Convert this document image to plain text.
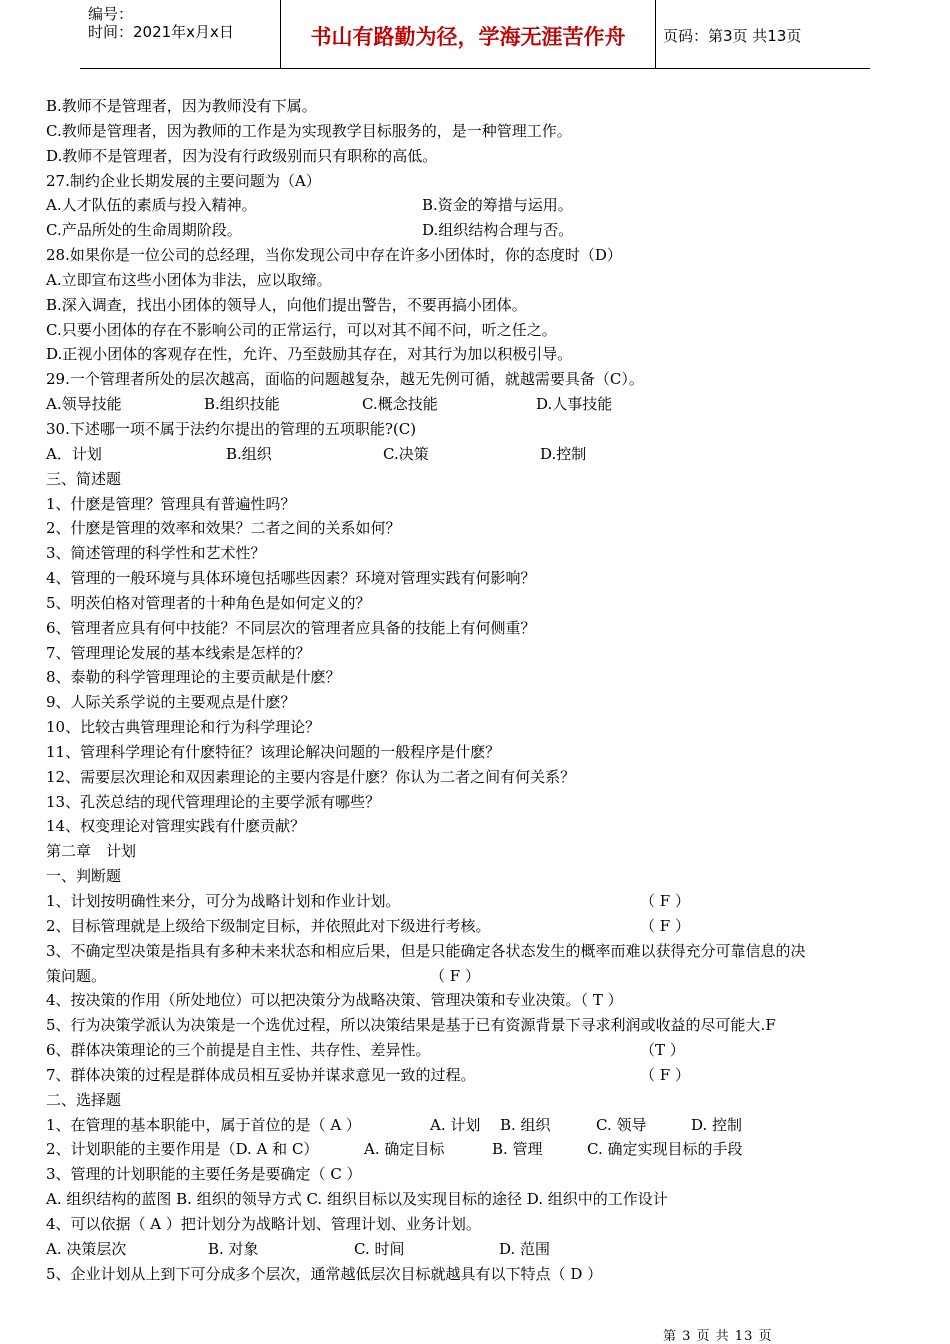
编号：
时间：2021年x月x日	书山有路勤为径，学海无涯苦作舟	页码：第3页 共13页
B.教师不是管理者，因为教师没有下属。
C.教师是管理者，因为教师的工作是为实现教学目标服务的，是一种管理工作。
D.教师不是管理者，因为没有行政级别而只有职称的高低。
27.制约企业长期发展的主要问题为（A）
A.人才队伍的素质与投入精神。	B.资金的筹措与运用。
C.产品所处的生命周期阶段。	D.组织结构合理与否。
28.如果你是一位公司的总经理，当你发现公司中存在许多小团体时，你的态度时（D）
A.立即宣布这些小团体为非法，应以取缔。
B.深入调查，找出小团体的领导人，向他们提出警告，不要再搞小团体。
C.只要小团体的存在不影响公司的正常运行，可以对其不闻不问，听之任之。
D.正视小团体的客观存在性，允许、乃至鼓励其存在，对其行为加以积极引导。
29.一个管理者所处的层次越高，面临的问题越复杂，越无先例可循，就越需要具备（C）。
A.领导技能	B.组织技能	C.概念技能	D.人事技能
30.下述哪一项不属于法约尔提出的管理的五项职能?(C)
A．计划	B.组织	C.决策	D.控制
三、简述题
1、什麽是管理？管理具有普遍性吗？
2、什麽是管理的效率和效果？二者之间的关系如何？
3、简述管理的科学性和艺术性？
4、管理的一般环境与具体环境包括哪些因素？环境对管理实践有何影响？
5、明茨伯格对管理者的十种角色是如何定义的？
6、管理者应具有何中技能？不同层次的管理者应具备的技能上有何侧重？
7、管理理论发展的基本线索是怎样的？
8、泰勒的科学管理理论的主要贡献是什麽？
9、人际关系学说的主要观点是什麽？
10、比较古典管理理论和行为科学理论？
11、管理科学理论有什麽特征？该理论解决问题的一般程序是什麽？
12、需要层次理论和双因素理论的主要内容是什麽？你认为二者之间有何关系？
13、孔茨总结的现代管理理论的主要学派有哪些？
14、权变理论对管理实践有什麽贡献？
第二章　计划
一、判断题
1、计划按明确性来分，可分为战略计划和作业计划。	（ F ）
2、目标管理就是上级给下级制定目标，并依照此对下级进行考核。	（ F ）
3、不确定型决策是指具有多种未来状态和相应后果，但是只能确定各状态发生的概率而难以获得充分可靠信息的决
策问题。	（ F ）
4、按决策的作用（所处地位）可以把决策分为战略决策、管理决策和专业决策。（ T ）
5、行为决策学派认为决策是一个选优过程，所以决策结果是基于已有资源背景下寻求利润或收益的尽可能大.F
6、群体决策理论的三个前提是自主性、共存性、差异性。	（T ）
7、群体决策的过程是群体成员相互妥协并谋求意见一致的过程。	（ F ）
二、选择题
1、在管理的基本职能中，属于首位的是（ A ）	A. 计划 B. 组织	C. 领导	D. 控制
2、计划职能的主要作用是（D. A 和 C）	A. 确定目标	B. 管理	C. 确定实现目标的手段
3、管理的计划职能的主要任务是要确定（ C ）
A. 组织结构的蓝图 B. 组织的领导方式 C. 组织目标以及实现目标的途径 D. 组织中的工作设计
4、可以依据（ A ）把计划分为战略计划、管理计划、业务计划。
A. 决策层次	B. 对象	C. 时间	D. 范围
5、企业计划从上到下可分成多个层次，通常越低层次目标就越具有以下特点（ D ）
第 3 页 共 13 页
